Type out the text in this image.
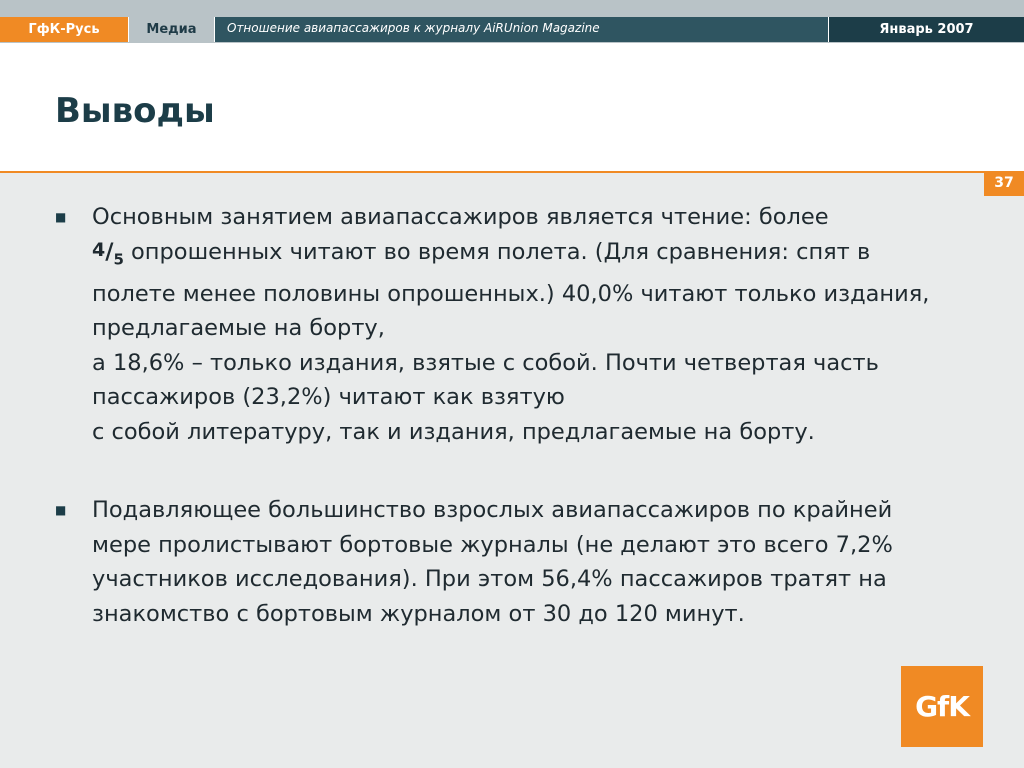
ГфК-Русь	Медиа	Отношение авиапассажиров к журналу AiRUnion Magazine	Январь 2007
Выводы
37
■	Основным занятием авиапассажиров является чтение: более
$^4/_5$ опрошенных читают во время полета. (Для сравнения: спят в полете менее половины опрошенных.) 40,0% читают только издания, предлагаемые на борту,

а 18,6% – только издания, взятые с собой. Почти четвертая часть пассажиров (23,2%) читают как взятую

с собой литературу, так и издания, предлагаемые на борту.

■	Подавляющее большинство взрослых авиапассажиров по крайней мере пролистывают бортовые журналы (не делают это всего 7,2% участников исследования). При этом 56,4% пассажиров тратят на знакомство с бортовым журналом от 30 до 120 минут.

GfK
